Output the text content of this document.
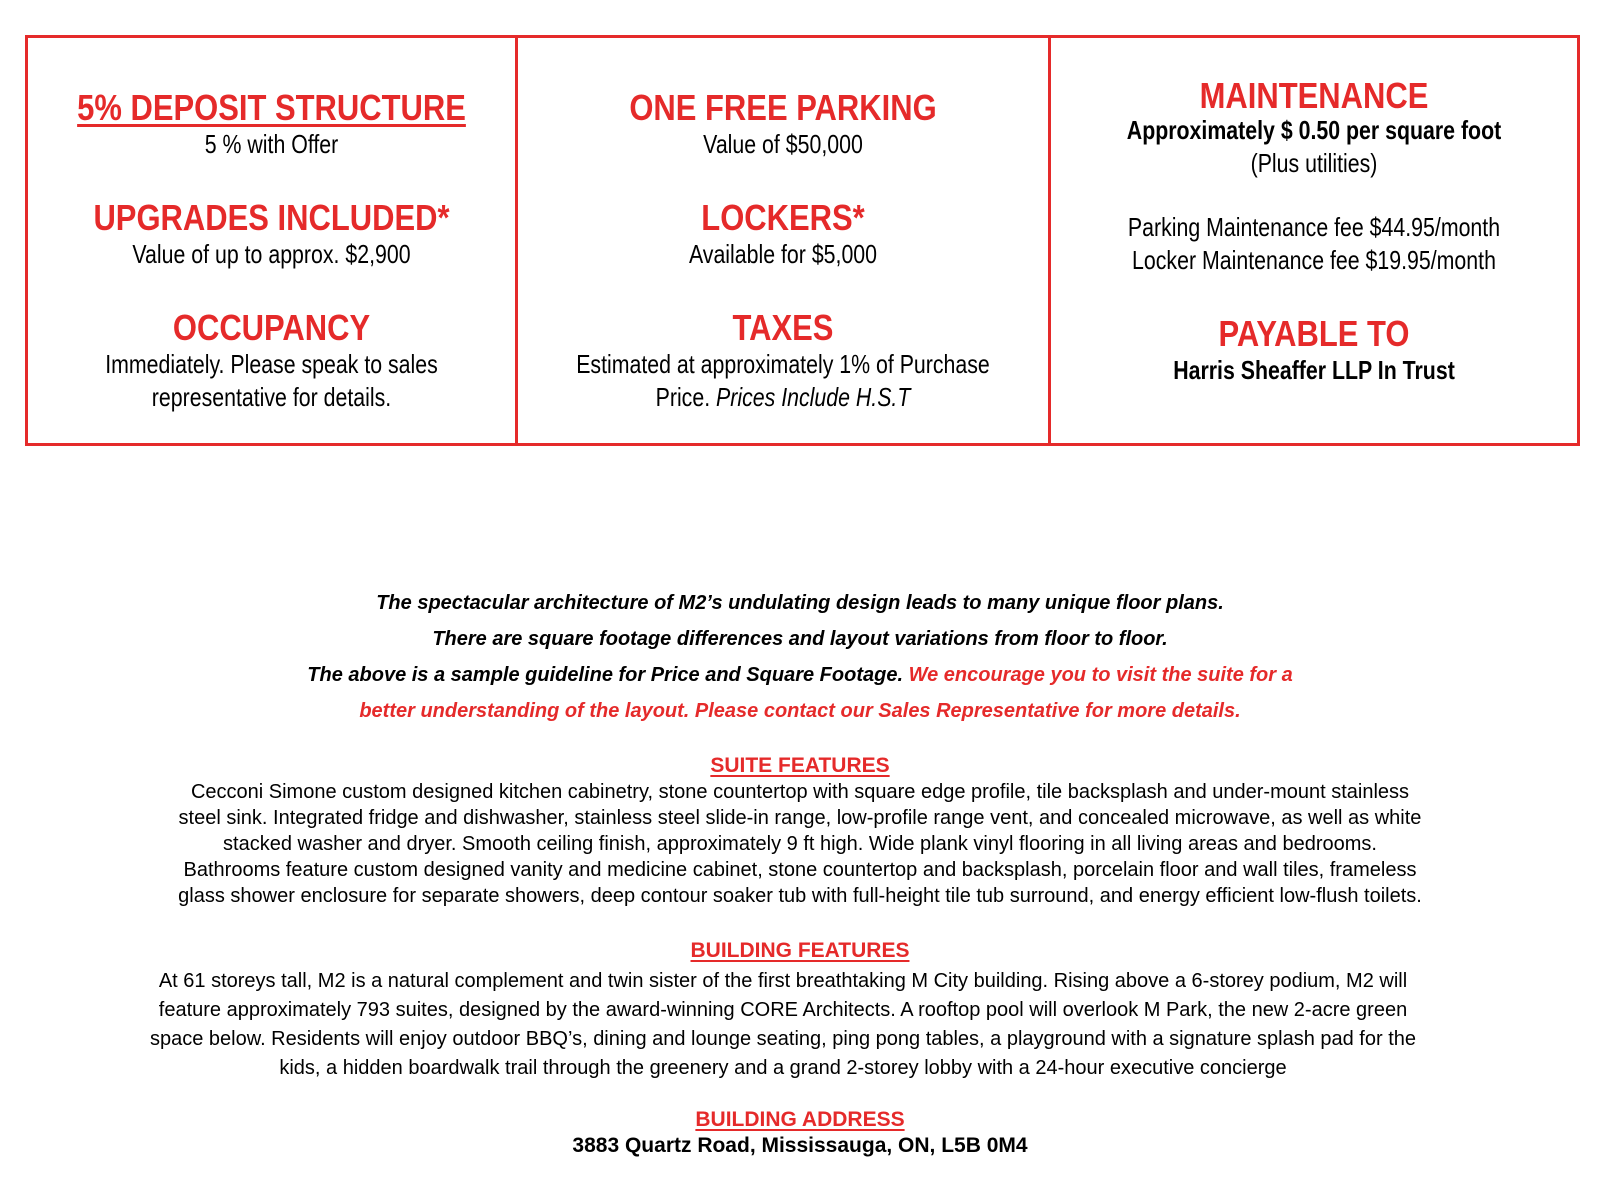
5% DEPOSIT STRUCTURE
5 % with Offer
UPGRADES INCLUDED*
Value of up to approx. $2,900
OCCUPANCY
Immediately. Please speak to sales
representative for details.
ONE FREE PARKING
Value of $50,000
LOCKERS*
Available for $5,000
TAXES
Estimated at approximately 1% of Purchase
Price. Prices Include H.S.T
MAINTENANCE
Approximately $ 0.50 per square foot
(Plus utilities)
Parking Maintenance fee $44.95/month
Locker Maintenance fee $19.95/month
PAYABLE TO
Harris Sheaffer LLP In Trust
The spectacular architecture of M2’s undulating design leads to many unique floor plans.
There are square footage differences and layout variations from floor to floor.
The above is a sample guideline for Price and Square Footage. We encourage you to visit the suite for a
better understanding of the layout. Please contact our Sales Representative for more details.
SUITE FEATURES
Cecconi Simone custom designed kitchen cabinetry, stone countertop with square edge profile, tile backsplash and under-mount stainless
steel sink. Integrated fridge and dishwasher, stainless steel slide-in range, low-profile range vent, and concealed microwave, as well as white
stacked washer and dryer. Smooth ceiling finish, approximately 9 ft high. Wide plank vinyl flooring in all living areas and bedrooms.
Bathrooms feature custom designed vanity and medicine cabinet, stone countertop and backsplash, porcelain floor and wall tiles, frameless
glass shower enclosure for separate showers, deep contour soaker tub with full-height tile tub surround, and energy efficient low-flush toilets.
BUILDING FEATURES
At 61 storeys tall, M2 is a natural complement and twin sister of the first breathtaking M City building. Rising above a 6-storey podium, M2 will
feature approximately 793 suites, designed by the award-winning CORE Architects. A rooftop pool will overlook M Park, the new 2-acre green
space below. Residents will enjoy outdoor BBQ’s, dining and lounge seating, ping pong tables, a playground with a signature splash pad for the
kids, a hidden boardwalk trail through the greenery and a grand 2-storey lobby with a 24-hour executive concierge
BUILDING ADDRESS
3883 Quartz Road, Mississauga, ON, L5B 0M4
